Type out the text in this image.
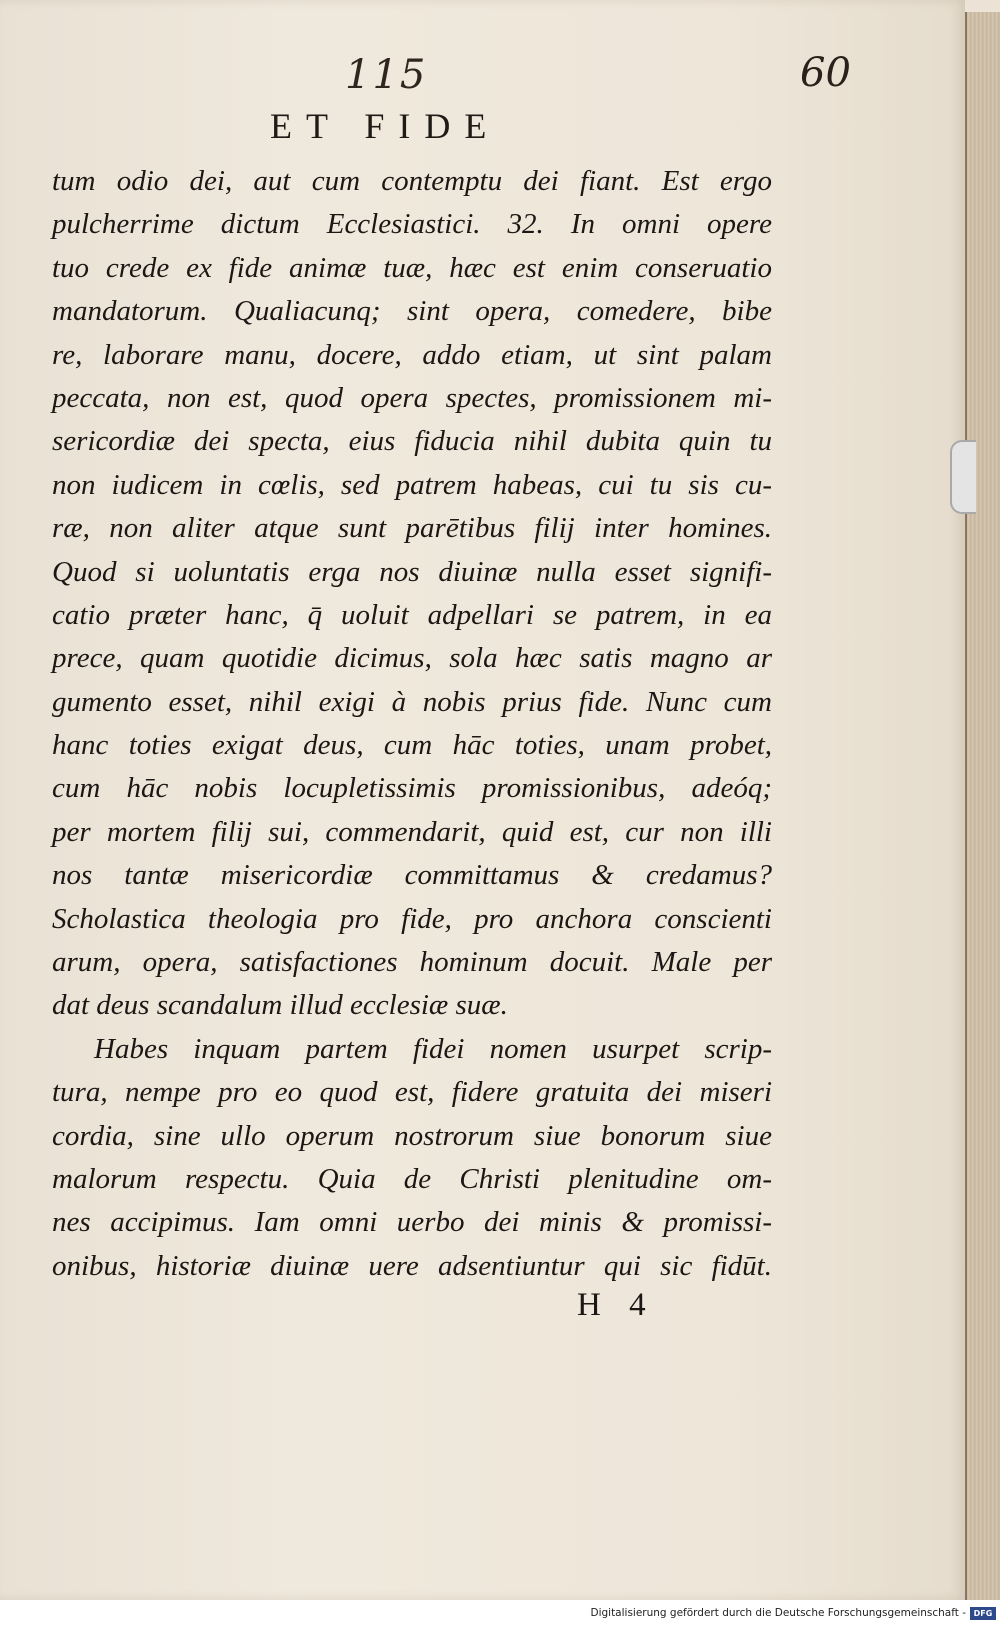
115	60
ET FIDE
tum odio dei, aut cum contemptu dei fiant. Est ergo
pulcherrime dictum Ecclesiastici. 32. In omni opere
tuo crede ex fide animæ tuæ, hæc est enim conseruatio
mandatorum. Qualiacunq; sint opera, comedere, bibe
re, laborare manu, docere, addo etiam, ut sint palam
peccata, non est, quod opera spectes, promissionem mi-
sericordiæ dei specta, eius fiducia nihil dubita quin tu
non iudicem in cœlis, sed patrem habeas, cui tu sis cu-
ræ, non aliter atque sunt parētibus filij inter homines.
Quod si uoluntatis erga nos diuinæ nulla esset signifi-
catio præter hanc, q̄ uoluit adpellari se patrem, in ea
prece, quam quotidie dicimus, sola hæc satis magno ar
gumento esset, nihil exigi à nobis prius fide. Nunc cum
hanc toties exigat deus, cum hāc toties, unam probet,
cum hāc nobis locupletissimis promissionibus, adeóq;
per mortem filij sui, commendarit, quid est, cur non illi
nos tantæ misericordiæ committamus & credamus?
Scholastica theologia pro fide, pro anchora conscienti
arum, opera, satisfactiones hominum docuit. Male per
dat deus scandalum illud ecclesiæ suæ.
Habes inquam partem fidei nomen usurpet scrip-
tura, nempe pro eo quod est, fidere gratuita dei miseri
cordia, sine ullo operum nostrorum siue bonorum siue
malorum respectu. Quia de Christi plenitudine om-
nes accipimus. Iam omni uerbo dei minis & promissi-
onibus, historiæ diuinæ uere adsentiuntur qui sic fidūt.
H 4
Digitalisierung gefördert durch die Deutsche Forschungsgemeinschaft - DFG
